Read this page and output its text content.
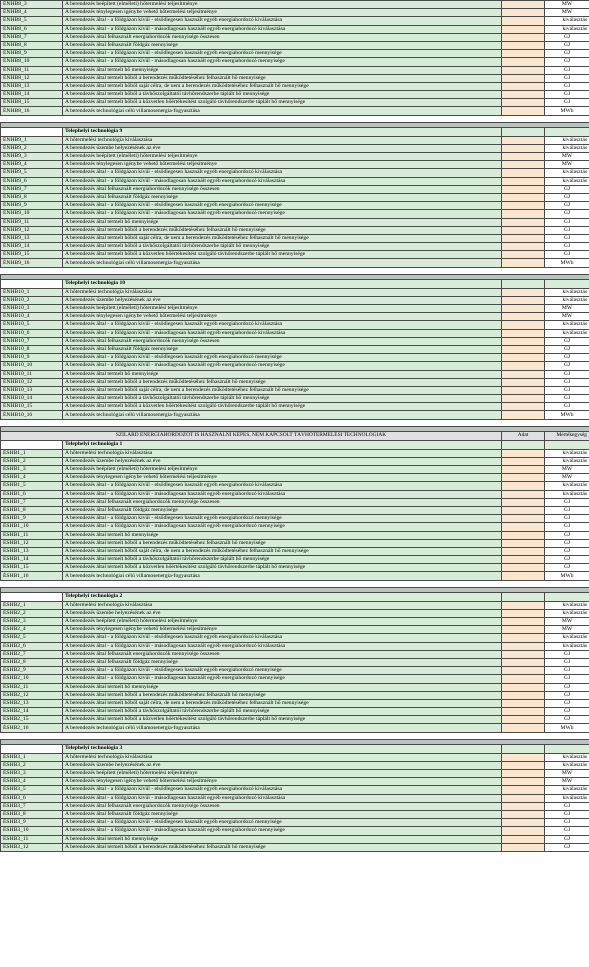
ÉNHB8_3	A berendezés beépített (elméleti) hőtermelési teljesítménye		MW
ÉNHB8_4	A berendezés ténylegesen igénybe vehető hőtermelési teljesítménye		MW
ÉNHB8_5	A berendezés által - a földgázon kívül - elsődlegesen használt egyéb energiahordozó kiválasztása		kiválasztás
ÉNHB8_6	A berendezés által - a földgázon kívül - másodlagosan használt egyéb energiahordozó kiválasztása		kiválasztás
ÉNHB8_7	A berendezés által felhasznált energiahordozók mennyisége összesen		GJ
ÉNHB8_8	A berendezés által felhasznált földgáz mennyisége		GJ
ÉNHB8_9	A berendezés által - a földgázon kívül - elsődlegesen használt egyéb energiahordozó mennyisége		GJ
ÉNHB8_10	A berendezés által - a földgázon kívül - másodlagosan használt egyéb energiahordozó mennyisége		GJ
ÉNHB8_11	A berendezés által termelt hő mennyisége		GJ
ÉNHB8_12	A berendezés által termelt hőből a berendezés működtetéséhez felhasznált hő mennyisége		GJ
ÉNHB8_13	A berendezés által termelt hőből saját célra, de nem a berendezés működtetéséhez felhasznált hő mennyisége		GJ
ÉNHB8_14	A berendezés által termelt hőből a távhőszolgáltatói távhőrendszerbe táplált hő mennyisége		GJ
ÉNHB8_15	A berendezés által termelt hőből a közvetlen hőértékesítést szolgáló távhőrendszerbe táplált hő mennyisége		GJ
ÉNHB8_16	A berendezés technológiai célú villamosenergia-fogyasztása		MWh

	Telephelyi technológia 9		
ÉNHB9_1	A hőtermelési technológia kiválasztása		kiválasztás
ÉNHB9_2	A berendezés üzembe helyezésének az éve		kiválasztás
ÉNHB9_3	A berendezés beépített (elméleti) hőtermelési teljesítménye		MW
ÉNHB9_4	A berendezés ténylegesen igénybe vehető hőtermelési teljesítménye		MW
ÉNHB9_5	A berendezés által - a földgázon kívül - elsődlegesen használt egyéb energiahordozó kiválasztása		kiválasztás
ÉNHB9_6	A berendezés által - a földgázon kívül - másodlagosan használt egyéb energiahordozó kiválasztása		kiválasztás
ÉNHB9_7	A berendezés által felhasznált energiahordozók mennyisége összesen		GJ
ÉNHB9_8	A berendezés által felhasznált földgáz mennyisége		GJ
ÉNHB9_9	A berendezés által - a földgázon kívül - elsődlegesen használt egyéb energiahordozó mennyisége		GJ
ÉNHB9_10	A berendezés által - a földgázon kívül - másodlagosan használt egyéb energiahordozó mennyisége		GJ
ÉNHB9_11	A berendezés által termelt hő mennyisége		GJ
ÉNHB9_12	A berendezés által termelt hőből a berendezés működtetéséhez felhasznált hő mennyisége		GJ
ÉNHB9_13	A berendezés által termelt hőből saját célra, de nem a berendezés működtetéséhez felhasznált hő mennyisége		GJ
ÉNHB9_14	A berendezés által termelt hőből a távhőszolgáltatói távhőrendszerbe táplált hő mennyisége		GJ
ÉNHB9_15	A berendezés által termelt hőből a közvetlen hőértékesítést szolgáló távhőrendszerbe táplált hő mennyisége		GJ
ÉNHB9_16	A berendezés technológiai célú villamosenergia-fogyasztása		MWh

	Telephelyi technológia 10		
ÉNHB10_1	A hőtermelési technológia kiválasztása		kiválasztás
ÉNHB10_2	A berendezés üzembe helyezésének az éve		kiválasztás
ÉNHB10_3	A berendezés beépített (elméleti) hőtermelési teljesítménye		MW
ÉNHB10_4	A berendezés ténylegesen igénybe vehető hőtermelési teljesítménye		MW
ÉNHB10_5	A berendezés által - a földgázon kívül - elsődlegesen használt egyéb energiahordozó kiválasztása		kiválasztás
ÉNHB10_6	A berendezés által - a földgázon kívül - másodlagosan használt egyéb energiahordozó kiválasztása		kiválasztás
ÉNHB10_7	A berendezés által felhasznált energiahordozók mennyisége összesen		GJ
ÉNHB10_8	A berendezés által felhasznált földgáz mennyisége		GJ
ÉNHB10_9	A berendezés által - a földgázon kívül - elsődlegesen használt egyéb energiahordozó mennyisége		GJ
ÉNHB10_10	A berendezés által - a földgázon kívül - másodlagosan használt egyéb energiahordozó mennyisége		GJ
ÉNHB10_11	A berendezés által termelt hő mennyisége		GJ
ÉNHB10_12	A berendezés által termelt hőből a berendezés működtetéséhez felhasznált hő mennyisége		GJ
ÉNHB10_13	A berendezés által termelt hőből saját célra, de nem a berendezés működtetéséhez felhasznált hő mennyisége		GJ
ÉNHB10_14	A berendezés által termelt hőből a távhőszolgáltatói távhőrendszerbe táplált hő mennyisége		GJ
ÉNHB10_15	A berendezés által termelt hőből a közvetlen hőértékesítést szolgáló távhőrendszerbe táplált hő mennyisége		GJ
ÉNHB10_16	A berendezés technológiai célú villamosenergia-fogyasztása		MWh

SZILÁRD ENERGIAHORDOZÓT IS HASZNÁLNI KÉPES, NEM KAPCSOLT TÁVHŐTERMELÉSI TECHNOLÓGIÁK		Adat	Mértékegység
	Telephelyi technológia 1		
ÉSHB1_1	A hőtermelési technológia kiválasztása		kiválasztás
ÉSHB1_2	A berendezés üzembe helyezésének az éve		kiválasztás
ÉSHB1_3	A berendezés beépített (elméleti) hőtermelési teljesítménye		MW
ÉSHB1_4	A berendezés ténylegesen igénybe vehető hőtermelési teljesítménye		MW
ÉSHB1_5	A berendezés által - a földgázon kívül - elsődlegesen használt egyéb energiahordozó kiválasztása		kiválasztás
ÉSHB1_6	A berendezés által - a földgázon kívül - másodlagosan használt egyéb energiahordozó kiválasztása		kiválasztás
ÉSHB1_7	A berendezés által felhasznált energiahordozók mennyisége összesen		GJ
ÉSHB1_8	A berendezés által felhasznált földgáz mennyisége		GJ
ÉSHB1_9	A berendezés által - a földgázon kívül - elsődlegesen használt egyéb energiahordozó mennyisége		GJ
ÉSHB1_10	A berendezés által - a földgázon kívül - másodlagosan használt egyéb energiahordozó mennyisége		GJ
ÉSHB1_11	A berendezés által termelt hő mennyisége		GJ
ÉSHB1_12	A berendezés által termelt hőből a berendezés működtetéséhez felhasznált hő mennyisége		GJ
ÉSHB1_13	A berendezés által termelt hőből saját célra, de nem a berendezés működtetéséhez felhasznált hő mennyisége		GJ
ÉSHB1_14	A berendezés által termelt hőből a távhőszolgáltatói távhőrendszerbe táplált hő mennyisége		GJ
ÉSHB1_15	A berendezés által termelt hőből a közvetlen hőértékesítést szolgáló távhőrendszerbe táplált hő mennyisége		GJ
ÉSHB1_16	A berendezés technológiai célú villamosenergia-fogyasztása		MWh

	Telephelyi technológia 2		
ÉSHB2_1	A hőtermelési technológia kiválasztása		kiválasztás
ÉSHB2_2	A berendezés üzembe helyezésének az éve		kiválasztás
ÉSHB2_3	A berendezés beépített (elméleti) hőtermelési teljesítménye		MW
ÉSHB2_4	A berendezés ténylegesen igénybe vehető hőtermelési teljesítménye		MW
ÉSHB2_5	A berendezés által - a földgázon kívül - elsődlegesen használt egyéb energiahordozó kiválasztása		kiválasztás
ÉSHB2_6	A berendezés által - a földgázon kívül - másodlagosan használt egyéb energiahordozó kiválasztása		kiválasztás
ÉSHB2_7	A berendezés által felhasznált energiahordozók mennyisége összesen		GJ
ÉSHB2_8	A berendezés által felhasznált földgáz mennyisége		GJ
ÉSHB2_9	A berendezés által - a földgázon kívül - elsődlegesen használt egyéb energiahordozó mennyisége		GJ
ÉSHB2_10	A berendezés által - a földgázon kívül - másodlagosan használt egyéb energiahordozó mennyisége		GJ
ÉSHB2_11	A berendezés által termelt hő mennyisége		GJ
ÉSHB2_12	A berendezés által termelt hőből a berendezés működtetéséhez felhasznált hő mennyisége		GJ
ÉSHB2_13	A berendezés által termelt hőből saját célra, de nem a berendezés működtetéséhez felhasznált hő mennyisége		GJ
ÉSHB2_14	A berendezés által termelt hőből a távhőszolgáltatói távhőrendszerbe táplált hő mennyisége		GJ
ÉSHB2_15	A berendezés által termelt hőből a közvetlen hőértékesítést szolgáló távhőrendszerbe táplált hő mennyisége		GJ
ÉSHB2_16	A berendezés technológiai célú villamosenergia-fogyasztása		MWh

	Telephelyi technológia 3		
ÉSHB3_1	A hőtermelési technológia kiválasztása		kiválasztás
ÉSHB3_2	A berendezés üzembe helyezésének az éve		kiválasztás
ÉSHB3_3	A berendezés beépített (elméleti) hőtermelési teljesítménye		MW
ÉSHB3_4	A berendezés ténylegesen igénybe vehető hőtermelési teljesítménye		MW
ÉSHB3_5	A berendezés által - a földgázon kívül - elsődlegesen használt egyéb energiahordozó kiválasztása		kiválasztás
ÉSHB3_6	A berendezés által - a földgázon kívül - másodlagosan használt egyéb energiahordozó kiválasztása		kiválasztás
ÉSHB3_7	A berendezés által felhasznált energiahordozók mennyisége összesen		GJ
ÉSHB3_8	A berendezés által felhasznált földgáz mennyisége		GJ
ÉSHB3_9	A berendezés által - a földgázon kívül - elsődlegesen használt egyéb energiahordozó mennyisége		GJ
ÉSHB3_10	A berendezés által - a földgázon kívül - másodlagosan használt egyéb energiahordozó mennyisége		GJ
ÉSHB3_11	A berendezés által termelt hő mennyisége		GJ
ÉSHB3_12	A berendezés által termelt hőből a berendezés működtetéséhez felhasznált hő mennyisége		GJ
